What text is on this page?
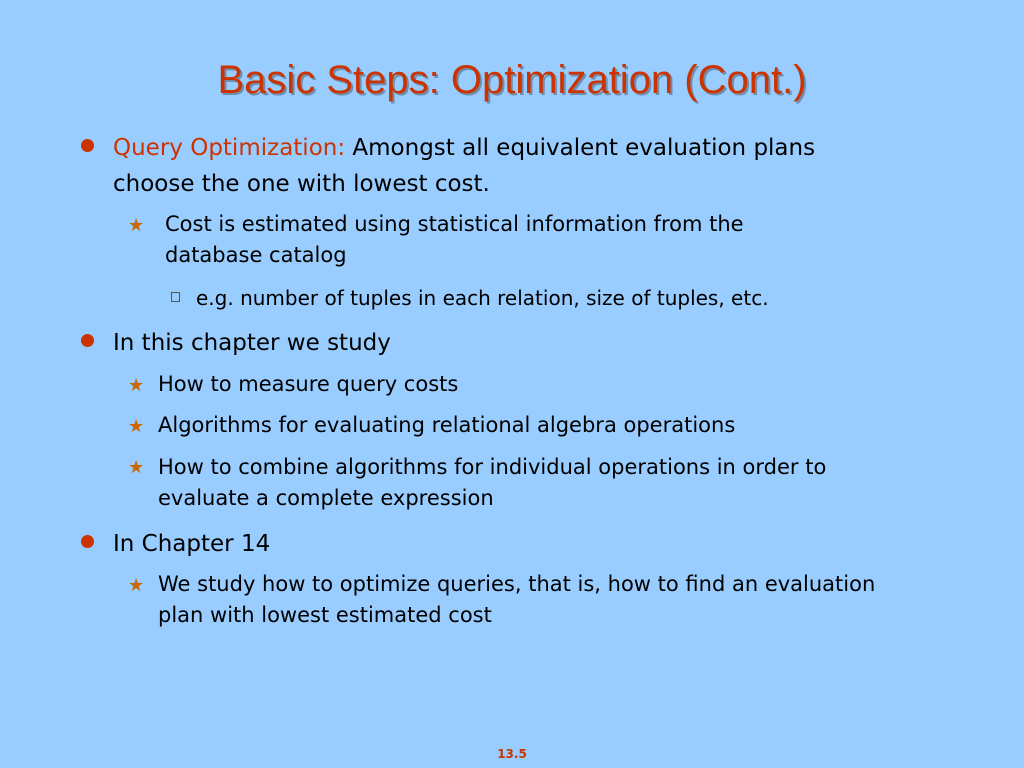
Basic Steps: Optimization (Cont.)
Query Optimization: Amongst all equivalent evaluation plans
choose the one with lowest cost.
★ Cost is estimated using statistical information from the
database catalog
e.g. number of tuples in each relation, size of tuples, etc.
In this chapter we study
★ How to measure query costs
★ Algorithms for evaluating relational algebra operations
★ How to combine algorithms for individual operations in order to
evaluate a complete expression
In Chapter 14
★ We study how to optimize queries, that is, how to find an evaluation
plan with lowest estimated cost
13.5
